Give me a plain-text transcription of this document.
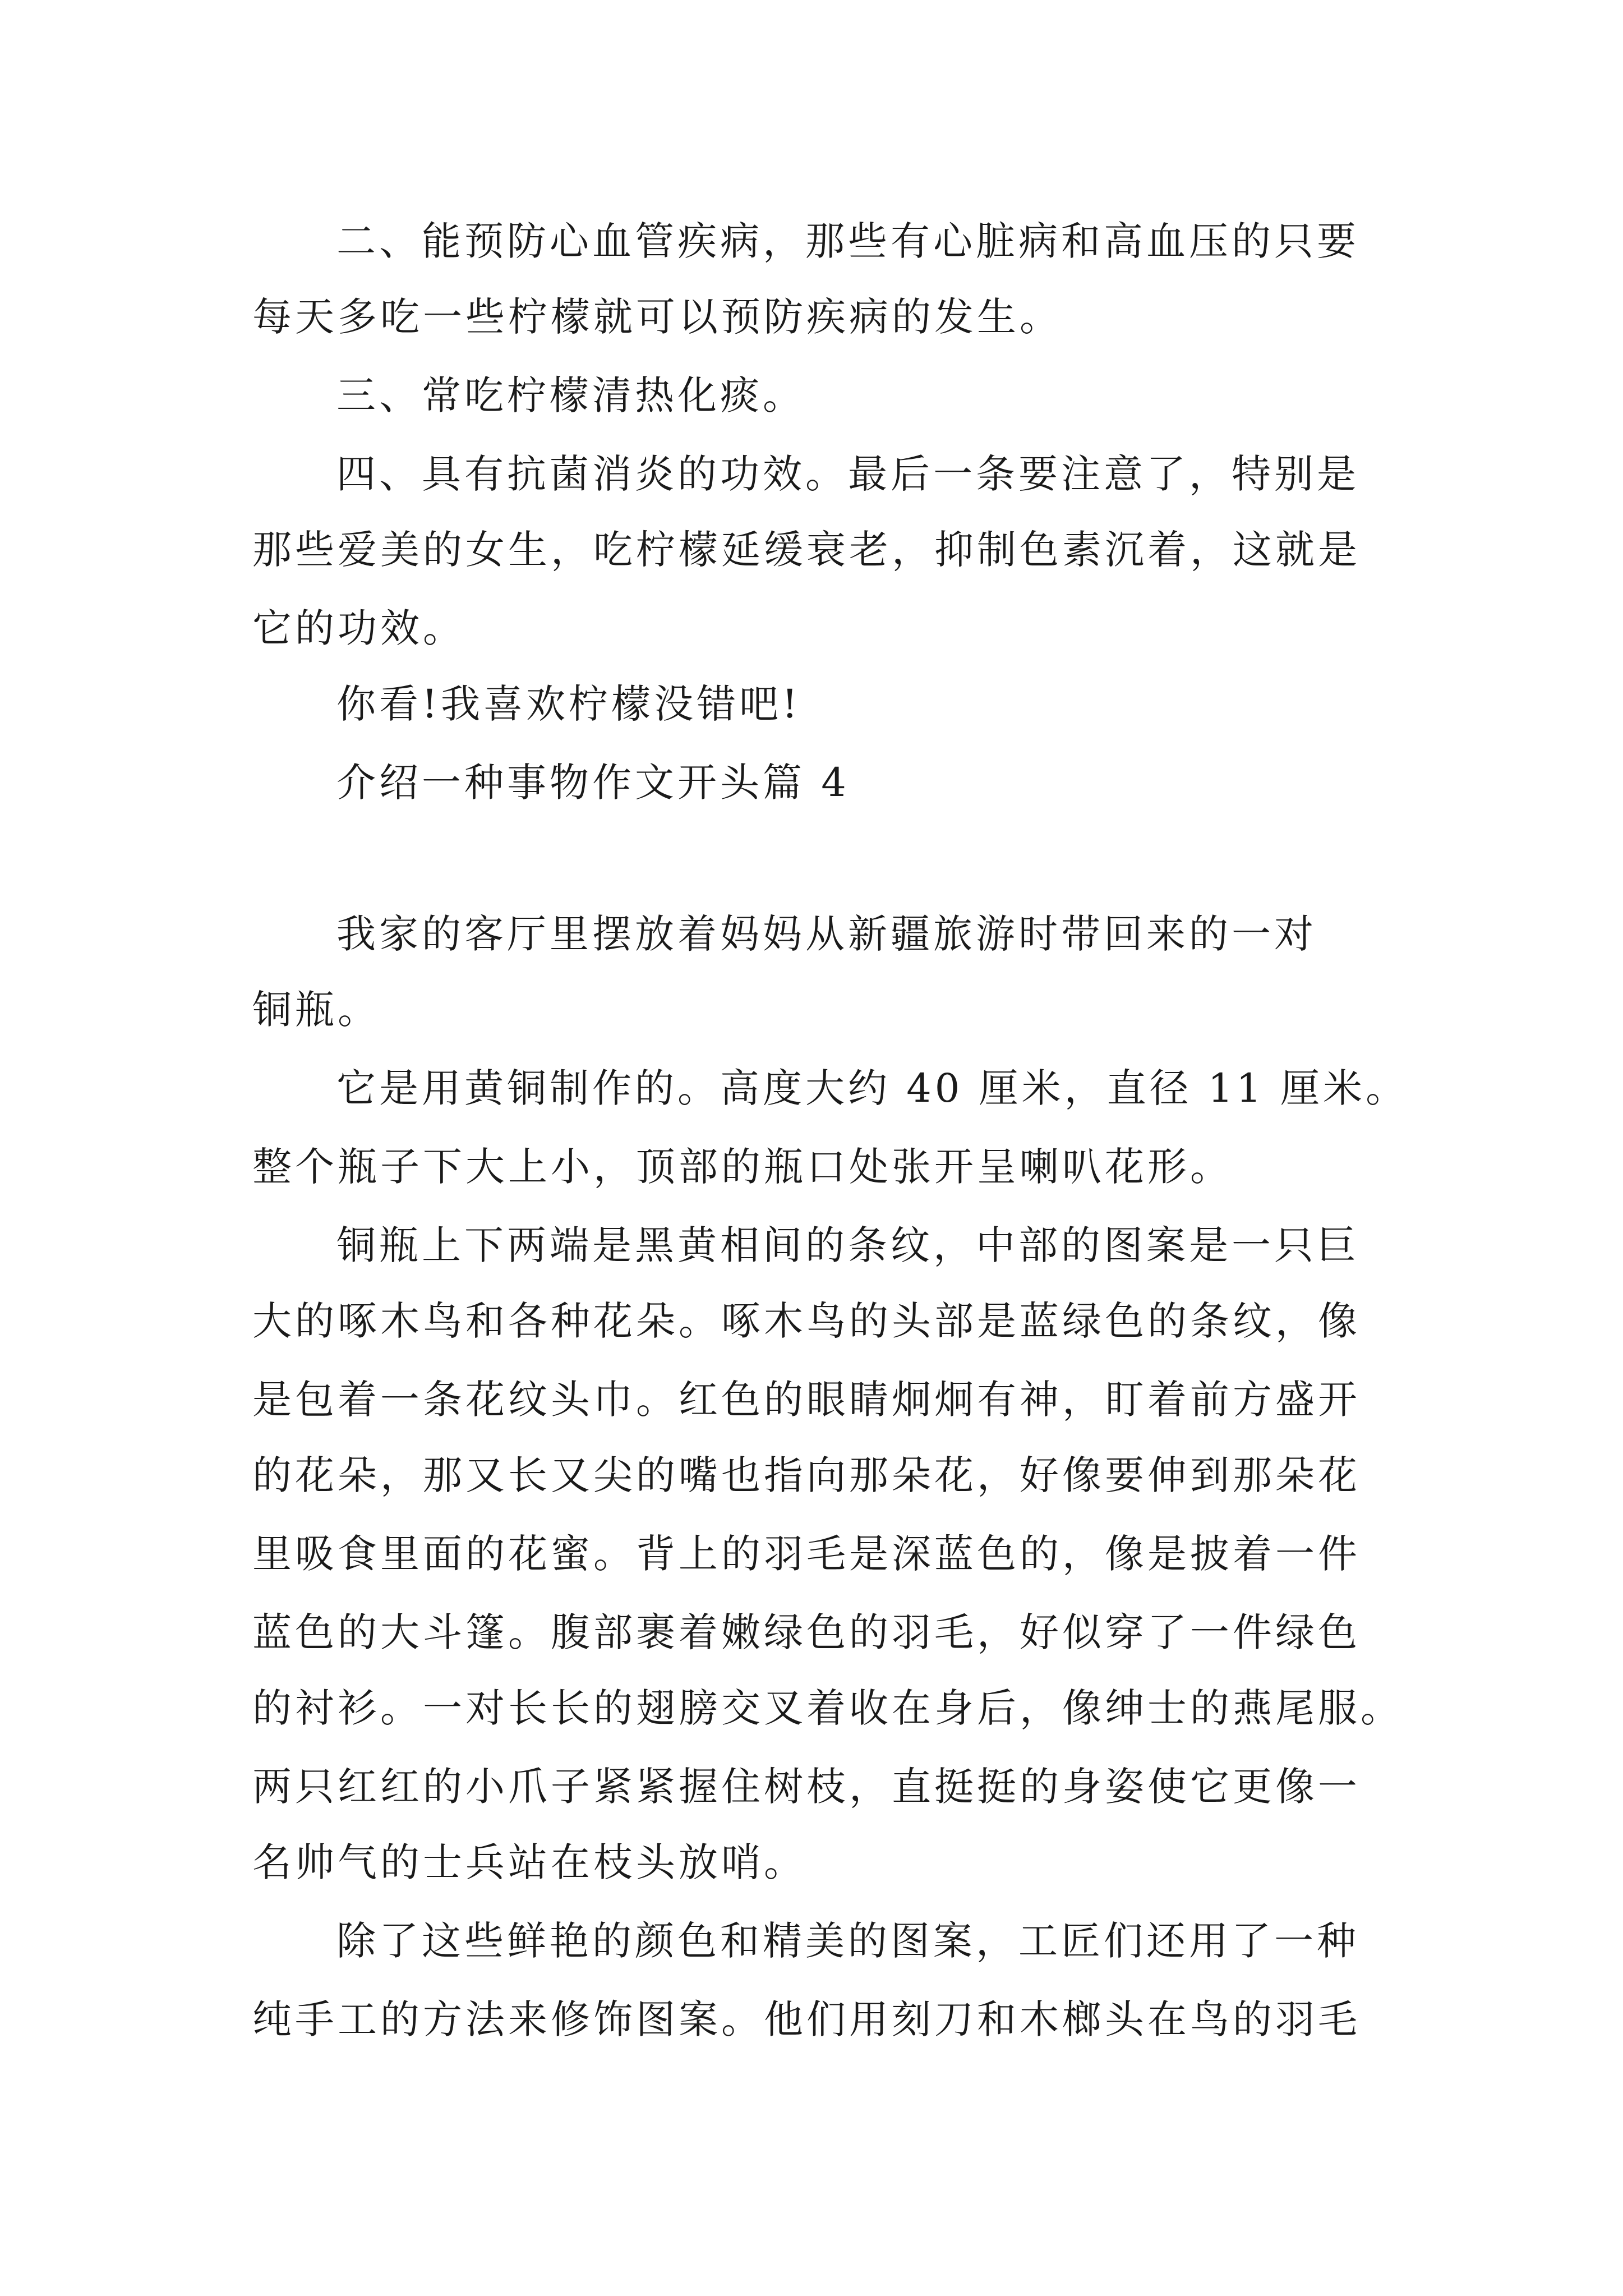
二、能预防心血管疾病，那些有心脏病和高血压的只要
每天多吃一些柠檬就可以预防疾病的发生。
三、常吃柠檬清热化痰。
四、具有抗菌消炎的功效。最后一条要注意了，特别是
那些爱美的女生，吃柠檬延缓衰老，抑制色素沉着，这就是
它的功效。
你看!我喜欢柠檬没错吧!
介绍一种事物作文开头篇 4
我家的客厅里摆放着妈妈从新疆旅游时带回来的一对
铜瓶。
它是用黄铜制作的。高度大约 40 厘米，直径 11 厘米。
整个瓶子下大上小，顶部的瓶口处张开呈喇叭花形。
铜瓶上下两端是黑黄相间的条纹，中部的图案是一只巨
大的啄木鸟和各种花朵。啄木鸟的头部是蓝绿色的条纹，像
是包着一条花纹头巾。红色的眼睛炯炯有神，盯着前方盛开
的花朵，那又长又尖的嘴也指向那朵花，好像要伸到那朵花
里吸食里面的花蜜。背上的羽毛是深蓝色的，像是披着一件
蓝色的大斗篷。腹部裹着嫩绿色的羽毛，好似穿了一件绿色
的衬衫。一对长长的翅膀交叉着收在身后，像绅士的燕尾服。
两只红红的小爪子紧紧握住树枝，直挺挺的身姿使它更像一
名帅气的士兵站在枝头放哨。
除了这些鲜艳的颜色和精美的图案，工匠们还用了一种
纯手工的方法来修饰图案。他们用刻刀和木榔头在鸟的羽毛
